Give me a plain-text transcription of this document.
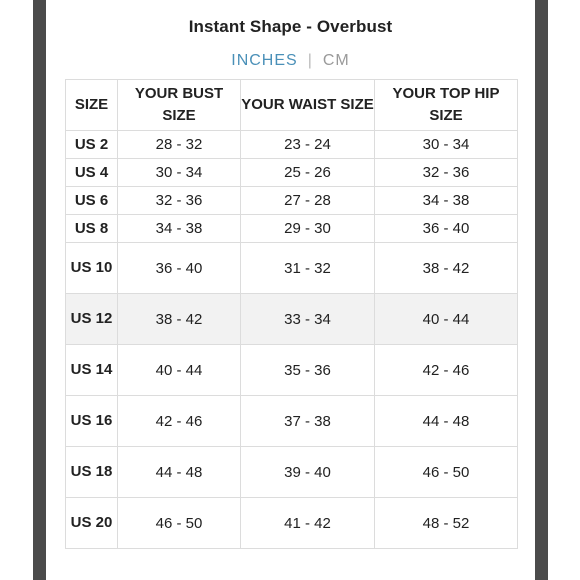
Instant Shape - Overbust
INCHES | CM
SIZE	YOUR BUST SIZE	YOUR WAIST SIZE	YOUR TOP HIP SIZE
US 2	28 - 32	23 - 24	30 - 34
US 4	30 - 34	25 - 26	32 - 36
US 6	32 - 36	27 - 28	34 - 38
US 8	34 - 38	29 - 30	36 - 40
US 10	36 - 40	31 - 32	38 - 42
US 12	38 - 42	33 - 34	40 - 44
US 14	40 - 44	35 - 36	42 - 46
US 16	42 - 46	37 - 38	44 - 48
US 18	44 - 48	39 - 40	46 - 50
US 20	46 - 50	41 - 42	48 - 52
